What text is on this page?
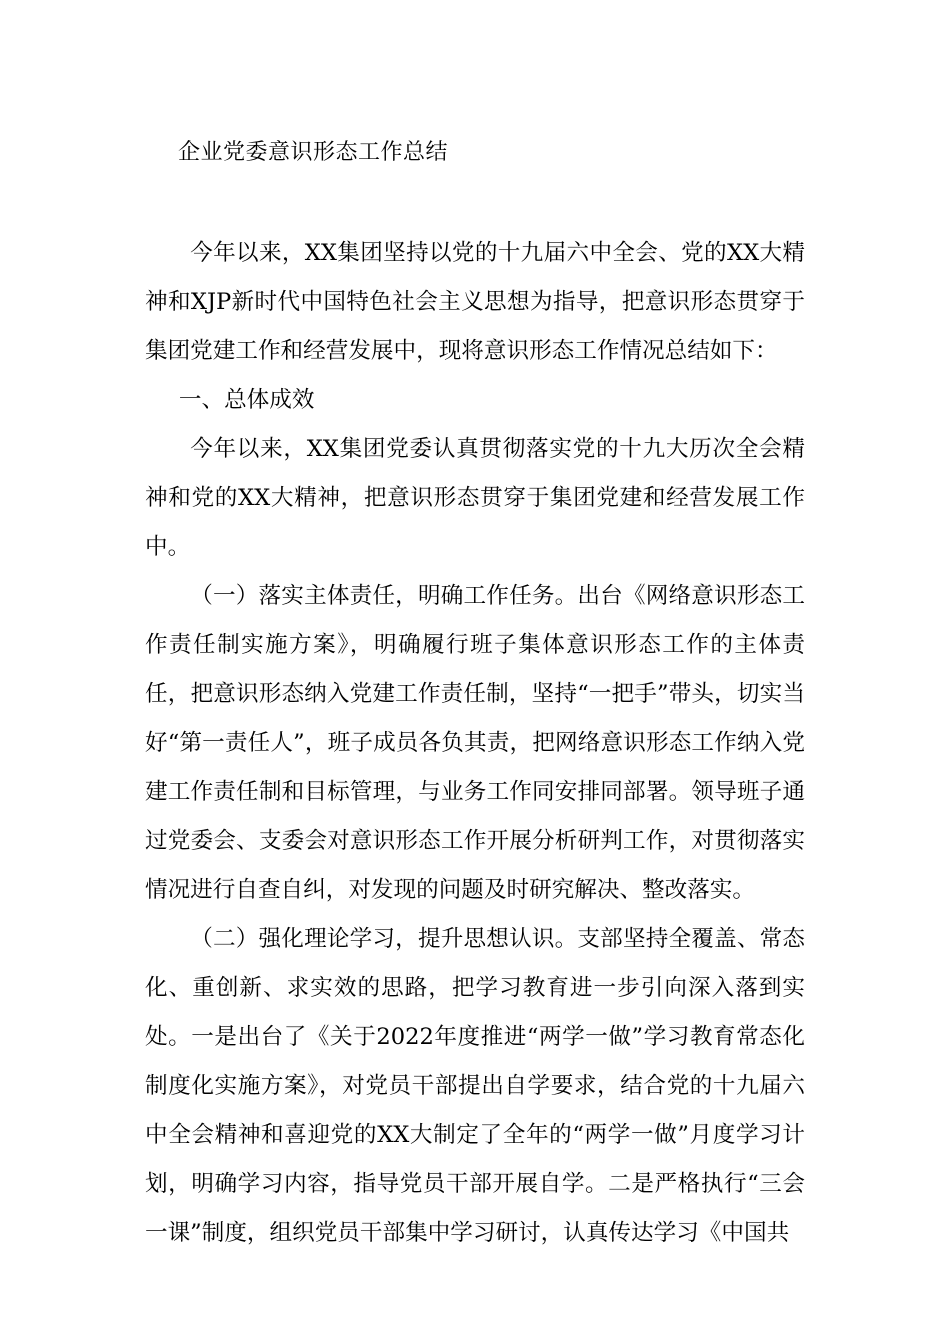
企业党委意识形态工作总结

今年以来，XX集团坚持以党的十九届六中全会、党的XX大精神和XJP新时代中国特色社会主义思想为指导，把意识形态贯穿于集团党建工作和经营发展中，现将意识形态工作情况总结如下：

一、总体成效

今年以来，XX集团党委认真贯彻落实党的十九大历次全会精神和党的XX大精神，把意识形态贯穿于集团党建和经营发展工作中。

（一）落实主体责任，明确工作任务。出台《网络意识形态工作责任制实施方案》，明确履行班子集体意识形态工作的主体责任，把意识形态纳入党建工作责任制，坚持“一把手”带头，切实当好“第一责任人”，班子成员各负其责，把网络意识形态工作纳入党建工作责任制和目标管理，与业务工作同安排同部署。领导班子通过党委会、支委会对意识形态工作开展分析研判工作，对贯彻落实情况进行自查自纠，对发现的问题及时研究解决、整改落实。

（二）强化理论学习，提升思想认识。支部坚持全覆盖、常态化、重创新、求实效的思路，把学习教育进一步引向深入落到实处。一是出台了《关于2022年度推进“两学一做”学习教育常态化制度化实施方案》，对党员干部提出自学要求，结合党的十九届六中全会精神和喜迎党的XX大制定了全年的“两学一做”月度学习计划，明确学习内容，指导党员干部开展自学。二是严格执行“三会一课”制度，组织党员干部集中学习研讨，认真传达学习《中国共
